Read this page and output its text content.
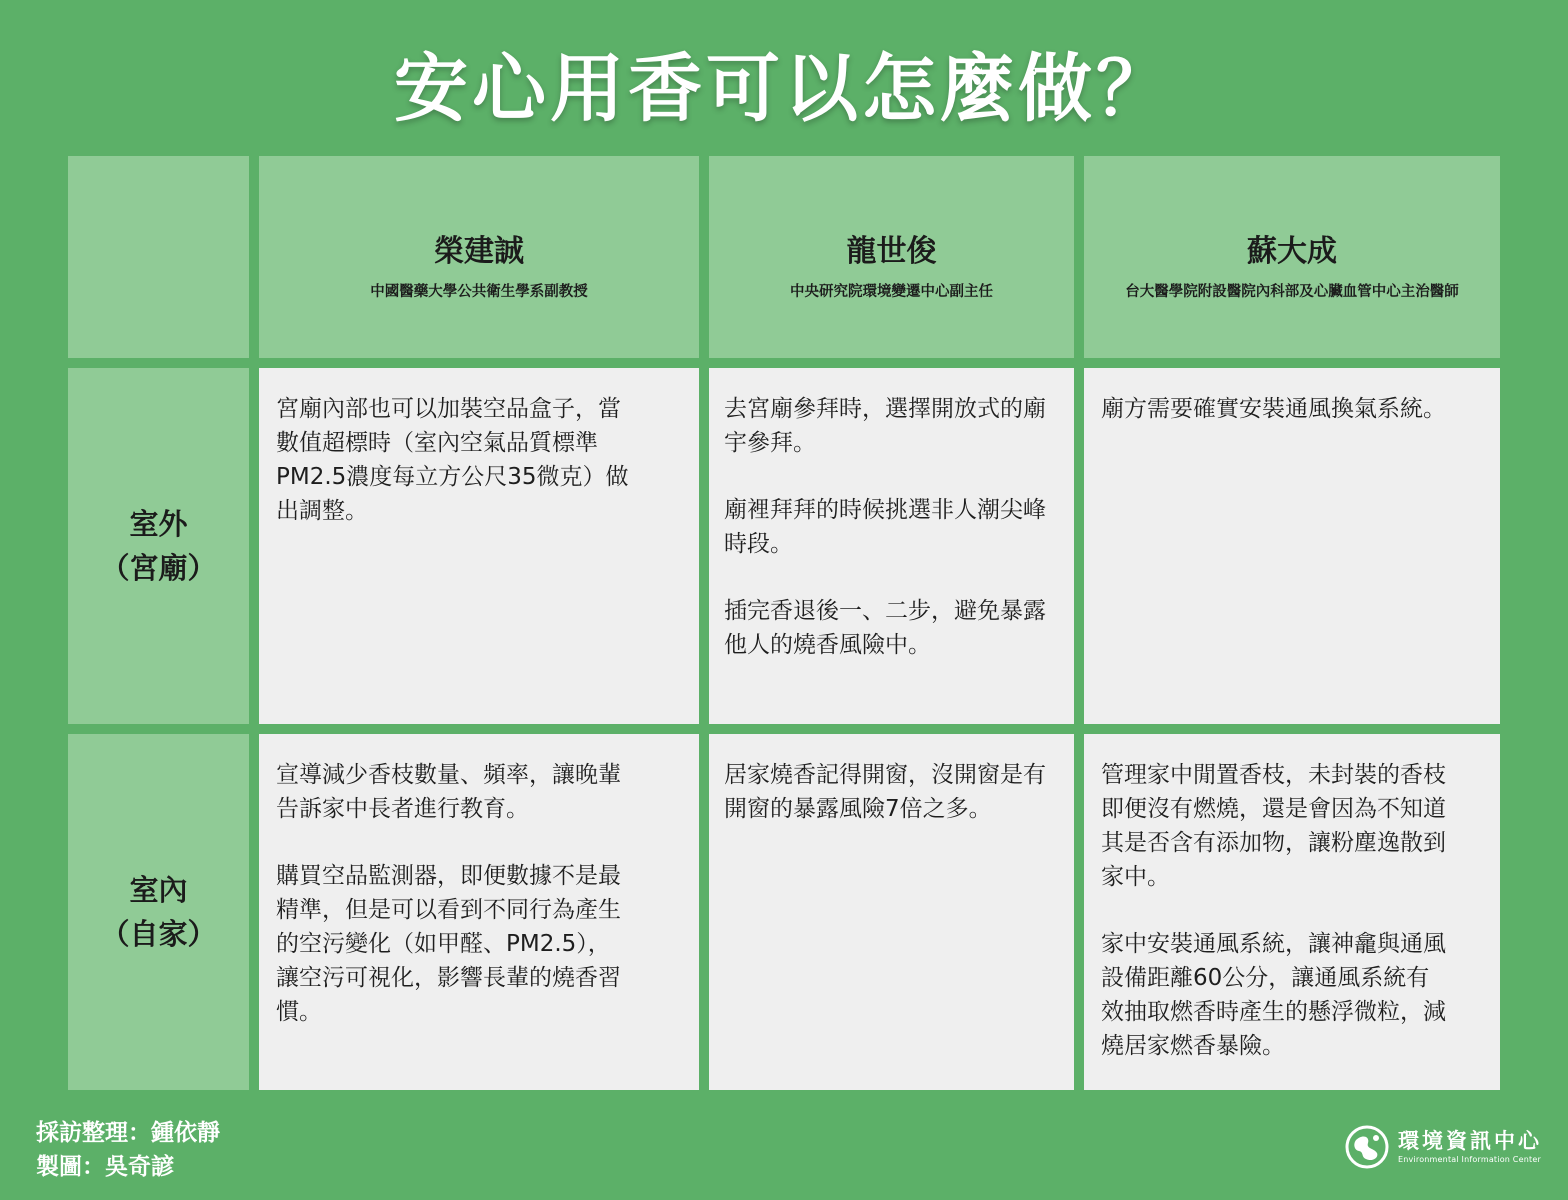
安心用香可以怎麼做？
榮建誠
中國醫藥大學公共衛生學系副教授
龍世俊
中央研究院環境變遷中心副主任
蘇大成
台大醫學院附設醫院內科部及心臟血管中心主治醫師
室外
（宮廟）

宮廟內部也可以加裝空品盒子，當數值超標時（室內空氣品質標準PM2.5濃度每立方公尺35微克）做出調整。

去宮廟參拜時，選擇開放式的廟宇參拜。

廟裡拜拜的時候挑選非人潮尖峰時段。

插完香退後一、二步，避免暴露他人的燒香風險中。

廟方需要確實安裝通風換氣系統。

室內
（自家）

宣導減少香枝數量、頻率，讓晚輩告訴家中長者進行教育。

購買空品監測器，即便數據不是最精準，但是可以看到不同行為產生 的空污變化（如甲醛、PM2.5），讓空污可視化，影響長輩的燒香習慣。

居家燒香記得開窗，沒開窗是有開窗的暴露風險7倍之多。

管理家中閒置香枝，未封裝的香枝即便沒有燃燒，還是會因為不知道其是否含有添加物，讓粉塵逸散到家中。

家中安裝通風系統，讓神龕與通風設備距離60公分，讓通風系統有效抽取燃香時產生的懸浮微粒，減燒居家燃香暴險。

採訪整理：鍾依靜
製圖：吳奇諺
環境資訊中心
Environmental Information Center
